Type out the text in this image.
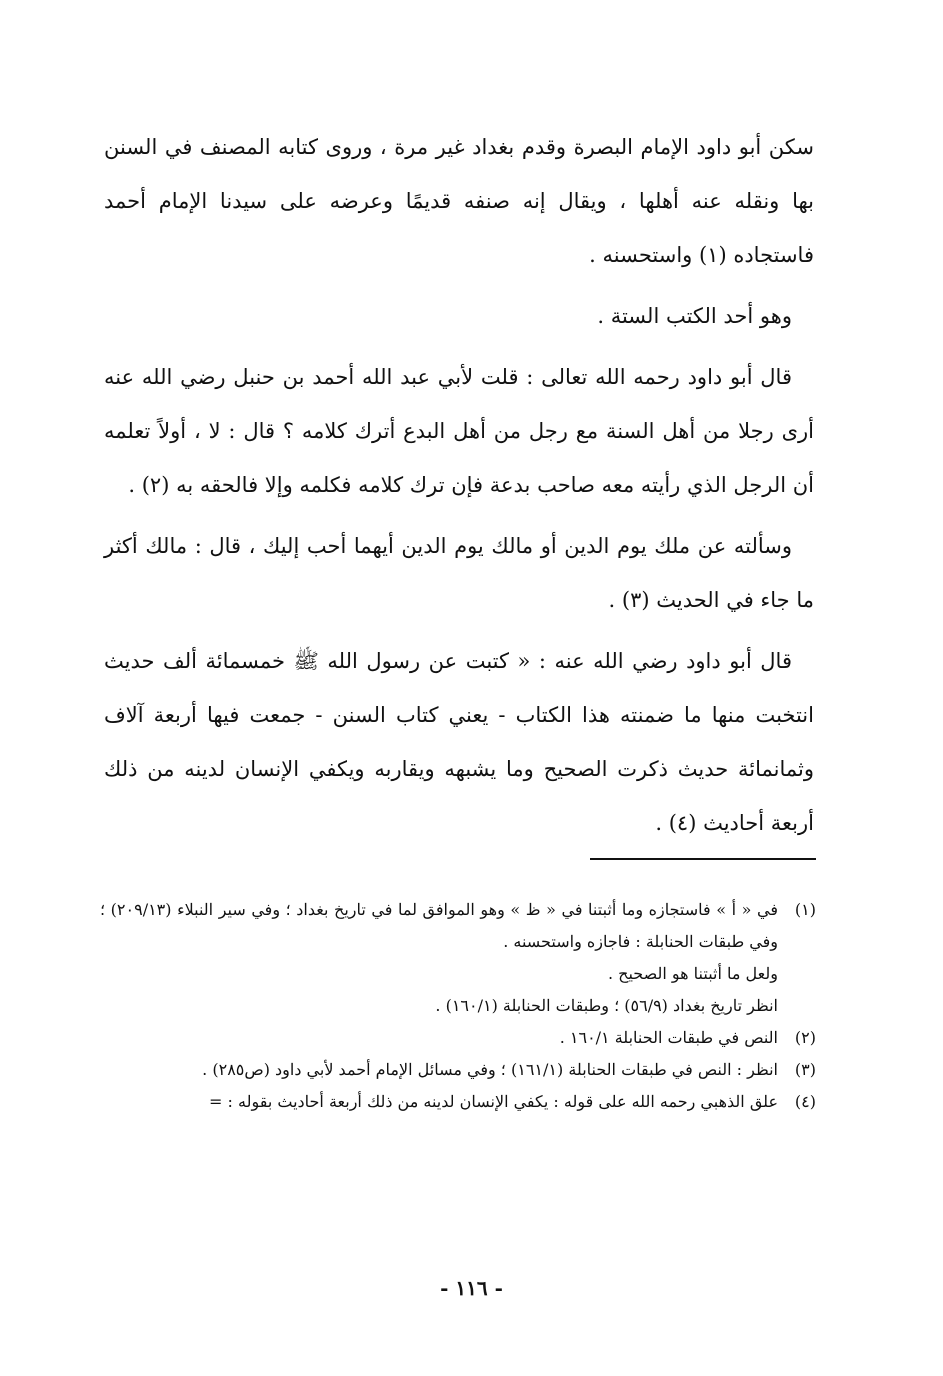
سكن أبو داود الإمام البصرة وقدم بغداد غير مرة ، وروى كتابه المصنف في السنن بها ونقله عنه أهلها ، ويقال إنه صنفه قديمًا وعرضه على سيدنا الإمام أحمد فاستجاده (١) واستحسنه .

وهو أحد الكتب الستة .

قال أبو داود رحمه الله تعالى : قلت لأبي عبد الله أحمد بن حنبل رضي الله عنه أرى رجلا من أهل السنة مع رجل من أهل البدع أترك كلامه ؟ قال : لا ، أولاً تعلمه أن الرجل الذي رأيته معه صاحب بدعة فإن ترك كلامه فكلمه وإلا فالحقه به (٢) .

وسألته عن ملك يوم الدين أو مالك يوم الدين أيهما أحب إليك ، قال : مالك أكثر ما جاء في الحديث (٣) .

قال أبو داود رضي الله عنه : « كتبت عن رسول الله ﷺ خمسمائة ألف حديث انتخبت منها ما ضمنته هذا الكتاب - يعني كتاب السنن - جمعت فيها أربعة آلاف وثمانمائة حديث ذكرت الصحيح وما يشبهه ويقاربه ويكفي الإنسان لدينه من ذلك أربعة أحاديث (٤) .

(١)
في « أ » فاستجازه وما أثبتنا في « ظ » وهو الموافق لما في تاريخ بغداد ؛ وفي سير النبلاء (٢٠٩/١٣) ؛ وفي طبقات الحنابلة : فاجازه واستحسنه .

ولعل ما أثبتنا هو الصحيح .

انظر تاريخ بغداد (٥٦/٩) ؛ وطبقات الحنابلة (١٦٠/١) .

(٢)
النص في طبقات الحنابلة ١٦٠/١ .

(٣)
انظر : النص في طبقات الحنابلة (١٦١/١) ؛ وفي مسائل الإمام أحمد لأبي داود (ص٢٨٥) .

(٤)
علق الذهبي رحمه الله على قوله : يكفي الإنسان لدينه من ذلك أربعة أحاديث بقوله : =

- ١١٦ -
